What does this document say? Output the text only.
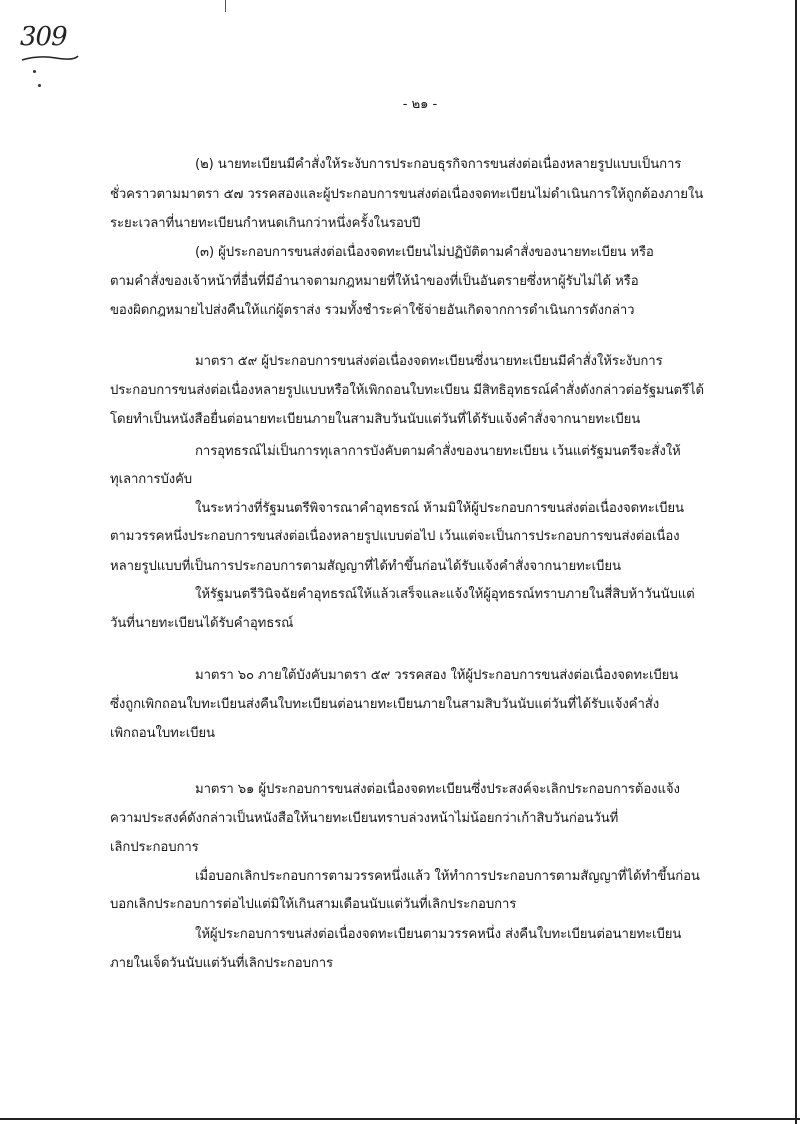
309
- ๒๑ -
(๒) นายทะเบียนมีคำสั่งให้ระงับการประกอบธุรกิจการขนส่งต่อเนื่องหลายรูปแบบเป็นการ
ชั่วคราวตามมาตรา ๕๗ วรรคสองและผู้ประกอบการขนส่งต่อเนื่องจดทะเบียนไม่ดำเนินการให้ถูกต้องภายใน
ระยะเวลาที่นายทะเบียนกำหนดเกินกว่าหนึ่งครั้งในรอบปี
(๓) ผู้ประกอบการขนส่งต่อเนื่องจดทะเบียนไม่ปฏิบัติตามคำสั่งของนายทะเบียน หรือ
ตามคำสั่งของเจ้าหน้าที่อื่นที่มีอำนาจตามกฎหมายที่ให้นำของที่เป็นอันตรายซึ่งหาผู้รับไม่ได้ หรือ
ของผิดกฎหมายไปส่งคืนให้แก่ผู้ตราส่ง รวมทั้งชำระค่าใช้จ่ายอันเกิดจากการดำเนินการดังกล่าว
มาตรา ๕๙ ผู้ประกอบการขนส่งต่อเนื่องจดทะเบียนซึ่งนายทะเบียนมีคำสั่งให้ระงับการ
ประกอบการขนส่งต่อเนื่องหลายรูปแบบหรือให้เพิกถอนใบทะเบียน มีสิทธิอุทธรณ์คำสั่งดังกล่าวต่อรัฐมนตรีได้
โดยทำเป็นหนังสือยื่นต่อนายทะเบียนภายในสามสิบวันนับแต่วันที่ได้รับแจ้งคำสั่งจากนายทะเบียน
การอุทธรณ์ไม่เป็นการทุเลาการบังคับตามคำสั่งของนายทะเบียน เว้นแต่รัฐมนตรีจะสั่งให้
ทุเลาการบังคับ
ในระหว่างที่รัฐมนตรีพิจารณาคำอุทธรณ์ ห้ามมิให้ผู้ประกอบการขนส่งต่อเนื่องจดทะเบียน
ตามวรรคหนึ่งประกอบการขนส่งต่อเนื่องหลายรูปแบบต่อไป เว้นแต่จะเป็นการประกอบการขนส่งต่อเนื่อง
หลายรูปแบบที่เป็นการประกอบการตามสัญญาที่ได้ทำขึ้นก่อนได้รับแจ้งคำสั่งจากนายทะเบียน
ให้รัฐมนตรีวินิจฉัยคำอุทธรณ์ให้แล้วเสร็จและแจ้งให้ผู้อุทธรณ์ทราบภายในสี่สิบห้าวันนับแต่
วันที่นายทะเบียนได้รับคำอุทธรณ์
มาตรา ๖๐ ภายใต้บังคับมาตรา ๕๙ วรรคสอง ให้ผู้ประกอบการขนส่งต่อเนื่องจดทะเบียน
ซึ่งถูกเพิกถอนใบทะเบียนส่งคืนใบทะเบียนต่อนายทะเบียนภายในสามสิบวันนับแต่วันที่ได้รับแจ้งคำสั่ง
เพิกถอนใบทะเบียน
มาตรา ๖๑ ผู้ประกอบการขนส่งต่อเนื่องจดทะเบียนซึ่งประสงค์จะเลิกประกอบการต้องแจ้ง
ความประสงค์ดังกล่าวเป็นหนังสือให้นายทะเบียนทราบล่วงหน้าไม่น้อยกว่าเก้าสิบวันก่อนวันที่
เลิกประกอบการ
เมื่อบอกเลิกประกอบการตามวรรคหนึ่งแล้ว ให้ทำการประกอบการตามสัญญาที่ได้ทำขึ้นก่อน
บอกเลิกประกอบการต่อไปแต่มิให้เกินสามเดือนนับแต่วันที่เลิกประกอบการ
ให้ผู้ประกอบการขนส่งต่อเนื่องจดทะเบียนตามวรรคหนึ่ง ส่งคืนใบทะเบียนต่อนายทะเบียน
ภายในเจ็ดวันนับแต่วันที่เลิกประกอบการ
